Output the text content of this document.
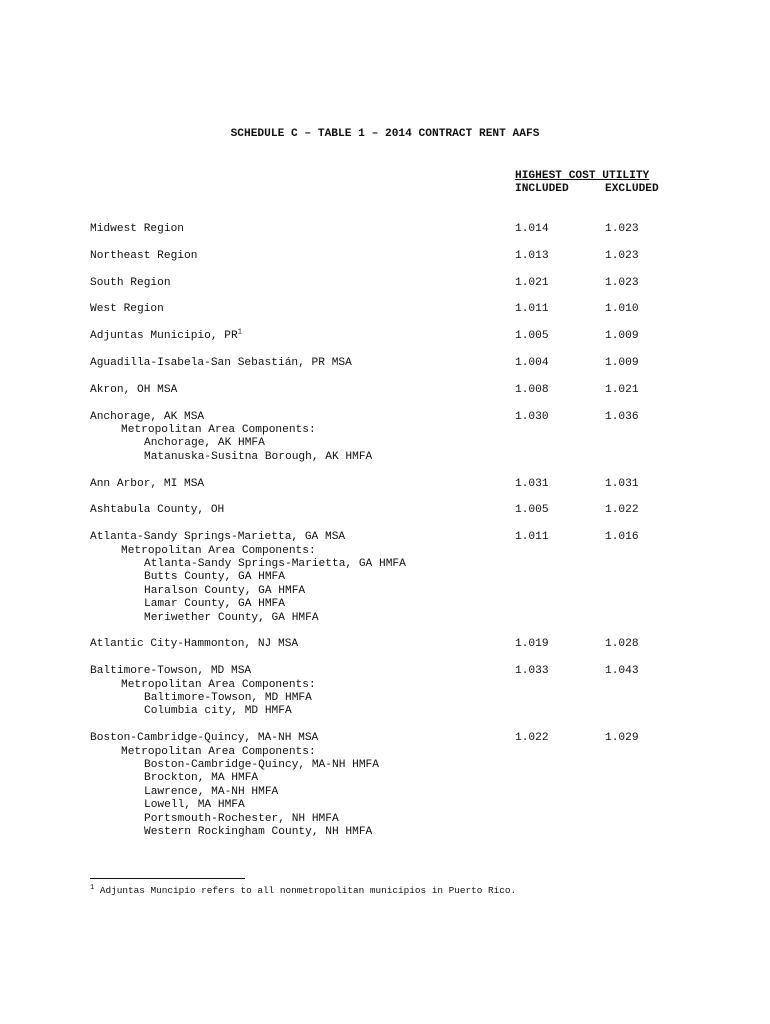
SCHEDULE C – TABLE 1 – 2014 CONTRACT RENT AAFS
HIGHEST COST UTILITY
INCLUDED	EXCLUDED
Midwest Region	1.014	1.023
Northeast Region	1.013	1.023
South Region	1.021	1.023
West Region	1.011	1.010
Adjuntas Municipio, $PR^1$	1.005	1.009
Aguadilla-Isabela-San Sebastián, PR MSA	1.004	1.009
Akron, OH MSA	1.008	1.021
Anchorage, AK MSA	1.030	1.036
Metropolitan Area Components:
Anchorage, AK HMFA
Matanuska-Susitna Borough, AK HMFA
Ann Arbor, MI MSA	1.031	1.031
Ashtabula County, OH	1.005	1.022
Atlanta-Sandy Springs-Marietta, GA MSA	1.011	1.016
Metropolitan Area Components:
Atlanta-Sandy Springs-Marietta, GA HMFA
Butts County, GA HMFA
Haralson County, GA HMFA
Lamar County, GA HMFA
Meriwether County, GA HMFA
Atlantic City-Hammonton, NJ MSA	1.019	1.028
Baltimore-Towson, MD MSA	1.033	1.043
Metropolitan Area Components:
Baltimore-Towson, MD HMFA
Columbia city, MD HMFA
Boston-Cambridge-Quincy, MA-NH MSA	1.022	1.029
Metropolitan Area Components:
Boston-Cambridge-Quincy, MA-NH HMFA
Brockton, MA HMFA
Lawrence, MA-NH HMFA
Lowell, MA HMFA
Portsmouth-Rochester, NH HMFA
Western Rockingham County, NH HMFA
$^1$ Adjuntas Muncipio refers to all nonmetropolitan municipios in Puerto Rico.
